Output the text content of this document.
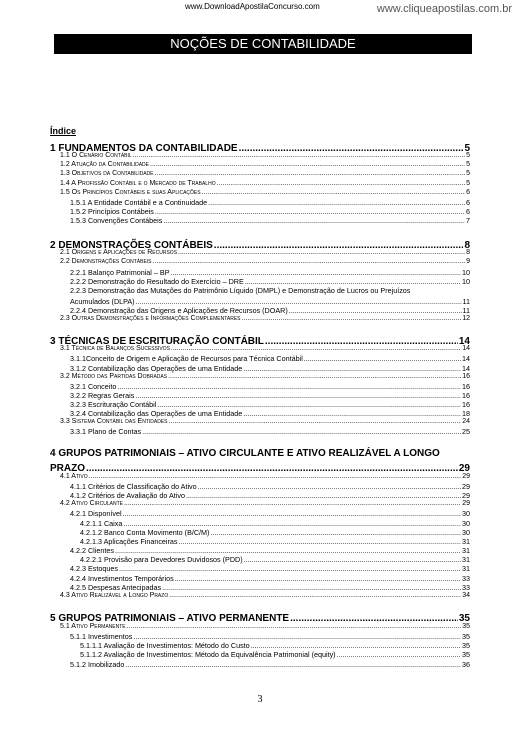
www.DownloadApostilaConcurso.com	www.cliqueapostilas.com.br
NOÇÕES DE CONTABILIDADE
Índice
1 FUNDAMENTOS DA CONTABILIDADE .....	5
1.1 O Cenário Contábil .....	5
1.2 Atuação da Contabilidade .....	5
1.3 Objetivos da Contabilidade .....	5
1.4 A Profissão Contábil e o Mercado de Trabalho .....	5
1.5 Os Princípios Contábeis e suas Aplicações .....	6
1.5.1 A Entidade Contábil e a Continuidade .....	6
1.5.2 Princípios Contábeis .....	6
1.5.3 Convenções Contábeis .....	7
2 DEMONSTRAÇÕES CONTÁBEIS .....	8
2.1 Origens e Aplicações de Recursos .....	8
2.2 Demonstrações Contábeis .....	9
2.2.1 Balanço Patrimonial – BP .....	10
2.2.2 Demonstração do Resultado do Exercício – DRE .....	10
2.2.3 Demonstração das Mutações do Patrimônio Líquido (DMPL) e Demonstração de Lucros ou Prejuízos
Acumulados (DLPA) .....	11
2.2.4 Demonstração das Origens e Aplicações de Recursos (DOAR) .....	11
2.3 Outras Demonstrações e Informações Complementares .....	12
3 TÉCNICAS DE ESCRITURAÇÃO CONTÁBIL .....	14
3.1 Técnica de Balanços Sucessivos .....	14
3.1.1Conceito de Origem e Aplicação de Recursos para Técnica Contábil .....	14
3.1.2 Contabilização das Operações de uma Entidade .....	14
3.2 Método das Partidas Dobradas .....	16
3.2.1 Conceito .....	16
3.2.2 Regras Gerais .....	16
3.2.3 Escrituração Contábil .....	16
3.2.4 Contabilização das Operações de uma Entidade .....	18
3.3 Sistema Contábil das Entidades .....	24
3.3.1 Plano de Contas .....	25
4 GRUPOS PATRIMONIAIS – ATIVO CIRCULANTE E ATIVO REALIZÁVEL A LONGO
PRAZO .....	29
4.1 Ativo .....	29
4.1.1 Critérios de Classificação do Ativo .....	29
4.1.2 Critérios de Avaliação do Ativo .....	29
4.2 Ativo Circulante .....	29
4.2.1 Disponível .....	30
4.2.1.1 Caixa .....	30
4.2.1.2 Banco Conta Movimento (B/C/M) .....	30
4.2.1.3 Aplicações Financeiras .....	31
4.2.2 Clientes .....	31
4.2.2.1 Provisão para Devedores Duvidosos (PDD) .....	31
4.2.3 Estoques .....	31
4.2.4 Investimentos Temporários .....	33
4.2.5 Despesas Antecipadas .....	33
4.3 Ativo Realizável a Longo Prazo .....	34
5 GRUPOS PATRIMONIAIS – ATIVO PERMANENTE .....	35
5.1 Ativo Permanente .....	35
5.1.1 Investimentos .....	35
5.1.1.1 Avaliação de Investimentos: Método do Custo .....	35
5.1.1.2 Avaliação de Investimentos: Método da Equivalência Patrimonial (equity) .....	35
5.1.2 Imobilizado .....	36
3
